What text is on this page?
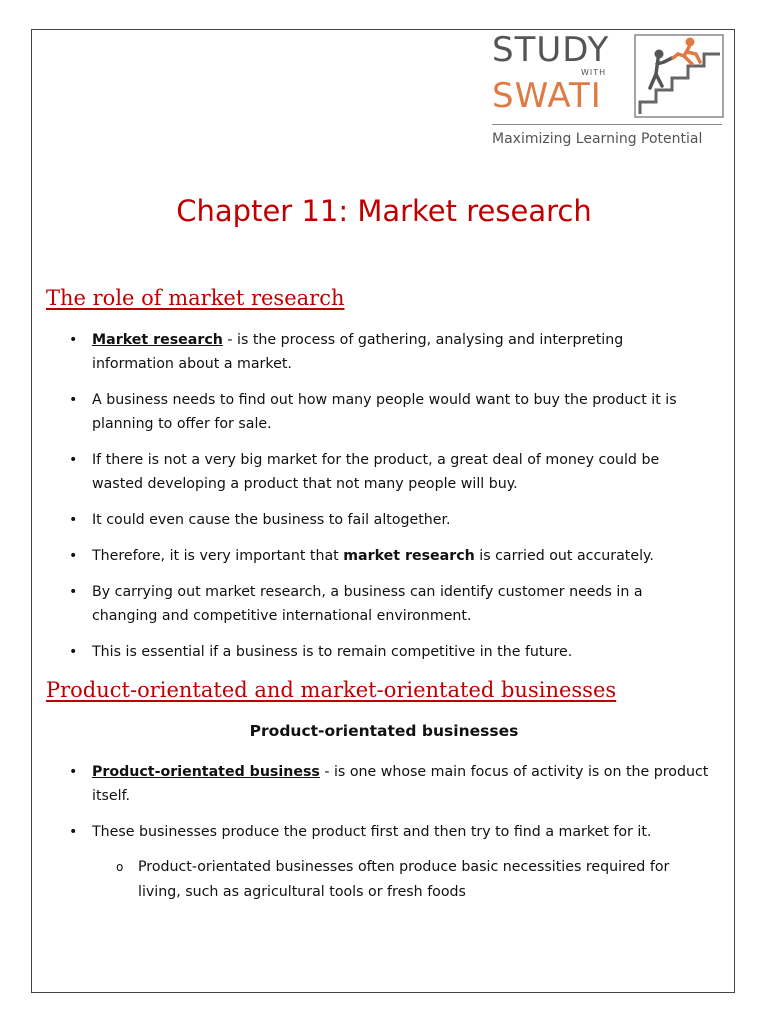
STUDY
WITH
SWATI
Maximizing Learning Potential
Chapter 11: Market research
The role of market research
•	Market research - is the process of gathering, analysing and interpreting information about a market.
•	A business needs to find out how many people would want to buy the product it is planning to offer for sale.
•	If there is not a very big market for the product, a great deal of money could be wasted developing a product that not many people will buy.
•	It could even cause the business to fail altogether.
•	Therefore, it is very important that market research is carried out accurately.
•	By carrying out market research, a business can identify customer needs in a changing and competitive international environment.
•	This is essential if a business is to remain competitive in the future.
Product-orientated and market-orientated businesses
Product-orientated businesses
•	Product-orientated business - is one whose main focus of activity is on the product itself.
•	These businesses produce the product first and then try to find a market for it.
o Product-orientated businesses often produce basic necessities required for living, such as agricultural tools or fresh foods
